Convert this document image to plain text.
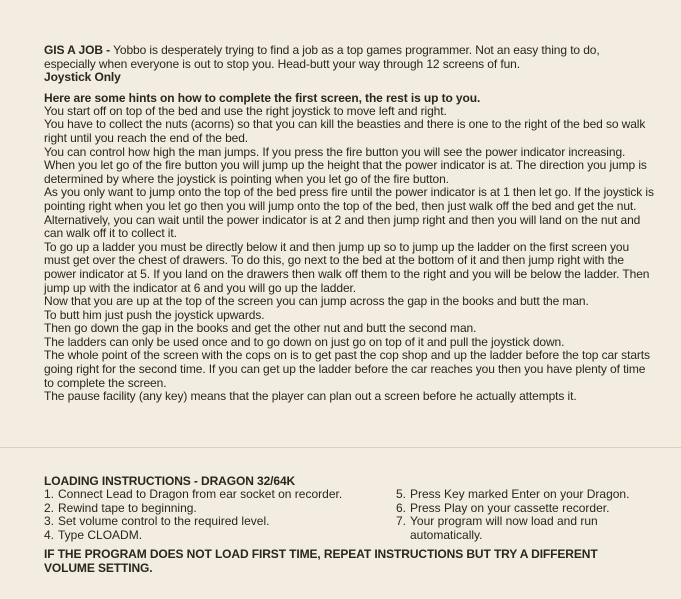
GIS A JOB - Yobbo is desperately trying to find a job as a top games programmer. Not an easy thing to do, especially when everyone is out to stop you. Head-butt your way through 12 screens of fun.

Joystick Only

Here are some hints on how to complete the first screen, the rest is up to you.

You start off on top of the bed and use the right joystick to move left and right.

You have to collect the nuts (acorns) so that you can kill the beasties and there is one to the right of the bed so walk right until you reach the end of the bed.

You can control how high the man jumps. If you press the fire button you will see the power indicator increasing. When you let go of the fire button you will jump up the height that the power indicator is at. The direction you jump is determined by where the joystick is pointing when you let go of the fire button.

As you only want to jump onto the top of the bed press fire until the power indicator is at 1 then let go. If the joystick is pointing right when you let go then you will jump onto the top of the bed, then just walk off the bed and get the nut.

Alternatively, you can wait until the power indicator is at 2 and then jump right and then you will land on the nut and can walk off it to collect it.

To go up a ladder you must be directly below it and then jump up so to jump up the ladder on the first screen you must get over the chest of drawers. To do this, go next to the bed at the bottom of it and then jump right with the power indicator at 5. If you land on the drawers then walk off them to the right and you will be below the ladder. Then jump up with the indicator at 6 and you will go up the ladder.

Now that you are up at the top of the screen you can jump across the gap in the books and butt the man.

To butt him just push the joystick upwards.

Then go down the gap in the books and get the other nut and butt the second man.

The ladders can only be used once and to go down on just go on top of it and pull the joystick down.

The whole point of the screen with the cops on is to get past the cop shop and up the ladder before the top car starts going right for the second time. If you can get up the ladder before the car reaches you then you have plenty of time to complete the screen.

The pause facility (any key) means that the player can plan out a screen before he actually attempts it.

LOADING INSTRUCTIONS - DRAGON 32/64K

1. Connect Lead to Dragon from ear socket on recorder.
2. Rewind tape to beginning.
3. Set volume control to the required level.
4. Type CLOADM.
5. Press Key marked Enter on your Dragon.
6. Press Play on your cassette recorder.
7. Your program will now load and run automatically.

IF THE PROGRAM DOES NOT LOAD FIRST TIME, REPEAT INSTRUCTIONS BUT TRY A DIFFERENT VOLUME SETTING.
